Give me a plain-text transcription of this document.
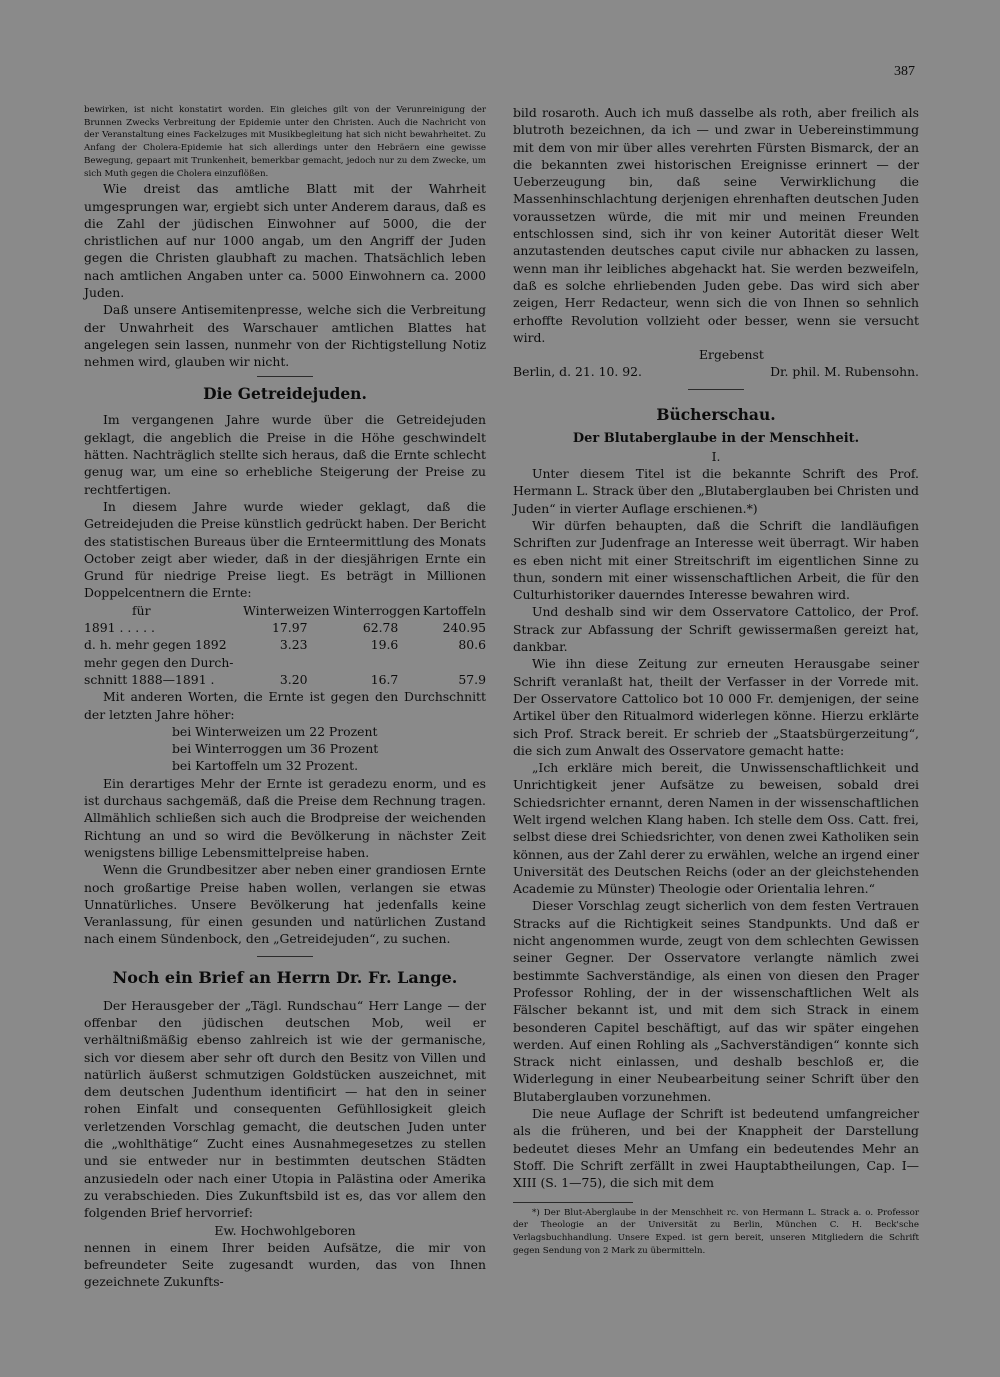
387

bewirken, ist nicht konstatirt worden. Ein gleiches gilt von der Verunreinigung der Brunnen Zwecks Verbreitung der Epidemie unter den Christen. Auch die Nachricht von der Veranstaltung eines Fackelzuges mit Musikbegleitung hat sich nicht bewahrheitet. Zu Anfang der Cholera-Epidemie hat sich allerdings unter den Hebräern eine gewisse Bewegung, gepaart mit Trunkenheit, bemerkbar gemacht, jedoch nur zu dem Zwecke, um sich Muth gegen die Cholera einzuflößen.

Wie dreist das amtliche Blatt mit der Wahrheit umgesprungen war, ergiebt sich unter Anderem daraus, daß es die Zahl der jüdischen Einwohner auf 5000, die der christlichen auf nur 1000 angab, um den Angriff der Juden gegen die Christen glaubhaft zu machen. Thatsächlich leben nach amtlichen Angaben unter ca. 5000 Einwohnern ca. 2000 Juden.

Daß unsere Antisemitenpresse, welche sich die Verbreitung der Unwahrheit des Warschauer amtlichen Blattes hat angelegen sein lassen, nunmehr von der Richtigstellung Notiz nehmen wird, glauben wir nicht.

Die Getreidejuden.

Im vergangenen Jahre wurde über die Getreidejuden geklagt, die angeblich die Preise in die Höhe geschwindelt hätten. Nachträglich stellte sich heraus, daß die Ernte schlecht genug war, um eine so erhebliche Steigerung der Preise zu rechtfertigen.

In diesem Jahre wurde wieder geklagt, daß die Getreidejuden die Preise künstlich gedrückt haben. Der Bericht des statistischen Bureaus über die Ernteermittlung des Monats October zeigt aber wieder, daß in der diesjährigen Ernte ein Grund für niedrige Preise liegt. Es beträgt in Millionen Doppelcentnern die Ernte:

für	Winterweizen	Winterroggen	Kartoffeln
1891 . . . . .	17.97	62.78	240.95
d. h. mehr gegen 1892	3.23	19.6	80.6
mehr gegen den Durch-			
schnitt 1888—1891 .	3.20	16.7	57.9

Mit anderen Worten, die Ernte ist gegen den Durchschnitt der letzten Jahre höher:

bei Winterweizen um 22 Prozent

bei Winterroggen um 36 Prozent

bei Kartoffeln um 32 Prozent.

Ein derartiges Mehr der Ernte ist geradezu enorm, und es ist durchaus sachgemäß, daß die Preise dem Rechnung tragen. Allmählich schließen sich auch die Brodpreise der weichenden Richtung an und so wird die Bevölkerung in nächster Zeit wenigstens billige Lebensmittelpreise haben.

Wenn die Grundbesitzer aber neben einer grandiosen Ernte noch großartige Preise haben wollen, verlangen sie etwas Unnatürliches. Unsere Bevölkerung hat jedenfalls keine Veranlassung, für einen gesunden und natürlichen Zustand nach einem Sündenbock, den „Getreidejuden“, zu suchen.

Noch ein Brief an Herrn Dr. Fr. Lange.

Der Herausgeber der „Tägl. Rundschau“ Herr Lange — der offenbar den jüdischen deutschen Mob, weil er verhältnißmäßig ebenso zahlreich ist wie der germanische, sich vor diesem aber sehr oft durch den Besitz von Villen und natürlich äußerst schmutzigen Goldstücken auszeichnet, mit dem deutschen Judenthum identificirt — hat den in seiner rohen Einfalt und consequenten Gefühllosigkeit gleich verletzenden Vorschlag gemacht, die deutschen Juden unter die „wohlthätige“ Zucht eines Ausnahmegesetzes zu stellen und sie entweder nur in bestimmten deutschen Städten anzusiedeln oder nach einer Utopia in Palästina oder Amerika zu verabschieden. Dies Zukunftsbild ist es, das vor allem den folgenden Brief hervorrief:

Ew. Hochwohlgeboren

nennen in einem Ihrer beiden Aufsätze, die mir von befreundeter Seite zugesandt wurden, das von Ihnen gezeichnete Zukunfts-

bild rosaroth. Auch ich muß dasselbe als roth, aber freilich als blutroth bezeichnen, da ich — und zwar in Uebereinstimmung mit dem von mir über alles verehrten Fürsten Bismarck, der an die bekannten zwei historischen Ereignisse erinnert — der Ueberzeugung bin, daß seine Verwirklichung die Massenhinschlachtung derjenigen ehrenhaften deutschen Juden voraussetzen würde, die mit mir und meinen Freunden entschlossen sind, sich ihr von keiner Autorität dieser Welt anzutastenden deutsches caput civile nur abhacken zu lassen, wenn man ihr leibliches abgehackt hat. Sie werden bezweifeln, daß es solche ehrliebenden Juden gebe. Das wird sich aber zeigen, Herr Redacteur, wenn sich die von Ihnen so sehnlich erhoffte Revolution vollzieht oder besser, wenn sie versucht wird.

Ergebenst

Berlin, d. 21. 10. 92.	Dr. phil. M. Rubensohn.
Bücherschau.
Der Blutaberglaube in der Menschheit.

I.

Unter diesem Titel ist die bekannte Schrift des Prof. Hermann L. Strack über den „Blutaberglauben bei Christen und Juden“ in vierter Auflage erschienen.*)

Wir dürfen behaupten, daß die Schrift die landläufigen Schriften zur Judenfrage an Interesse weit überragt. Wir haben es eben nicht mit einer Streitschrift im eigentlichen Sinne zu thun, sondern mit einer wissenschaftlichen Arbeit, die für den Culturhistoriker dauerndes Interesse bewahren wird.

Und deshalb sind wir dem Osservatore Cattolico, der Prof. Strack zur Abfassung der Schrift gewissermaßen gereizt hat, dankbar.

Wie ihn diese Zeitung zur erneuten Herausgabe seiner Schrift veranlaßt hat, theilt der Verfasser in der Vorrede mit. Der Osservatore Cattolico bot 10 000 Fr. demjenigen, der seine Artikel über den Ritualmord widerlegen könne. Hierzu erklärte sich Prof. Strack bereit. Er schrieb der „Staatsbürgerzeitung“, die sich zum Anwalt des Osservatore gemacht hatte:

„Ich erkläre mich bereit, die Unwissenschaftlichkeit und Unrichtigkeit jener Aufsätze zu beweisen, sobald drei Schiedsrichter ernannt, deren Namen in der wissenschaftlichen Welt irgend welchen Klang haben. Ich stelle dem Oss. Catt. frei, selbst diese drei Schiedsrichter, von denen zwei Katholiken sein können, aus der Zahl derer zu erwählen, welche an irgend einer Universität des Deutschen Reichs (oder an der gleichstehenden Academie zu Münster) Theologie oder Orientalia lehren.“

Dieser Vorschlag zeugt sicherlich von dem festen Vertrauen Stracks auf die Richtigkeit seines Standpunkts. Und daß er nicht angenommen wurde, zeugt von dem schlechten Gewissen seiner Gegner. Der Osservatore verlangte nämlich zwei bestimmte Sachverständige, als einen von diesen den Prager Professor Rohling, der in der wissenschaftlichen Welt als Fälscher bekannt ist, und mit dem sich Strack in einem besonderen Capitel beschäftigt, auf das wir später eingehen werden. Auf einen Rohling als „Sachverständigen“ konnte sich Strack nicht einlassen, und deshalb beschloß er, die Widerlegung in einer Neubearbeitung seiner Schrift über den Blutaberglauben vorzunehmen.

Die neue Auflage der Schrift ist bedeutend umfangreicher als die früheren, und bei der Knappheit der Darstellung bedeutet dieses Mehr an Umfang ein bedeutendes Mehr an Stoff. Die Schrift zerfällt in zwei Hauptabtheilungen, Cap. I—XIII (S. 1—75), die sich mit dem

*) Der Blut-Aberglaube in der Menschheit rc. von Hermann L. Strack a. o. Professor der Theologie an der Universität zu Berlin, München C. H. Beck'sche Verlagsbuchhandlung. Unsere Exped. ist gern bereit, unseren Mitgliedern die Schrift gegen Sendung von 2 Mark zu übermitteln.
